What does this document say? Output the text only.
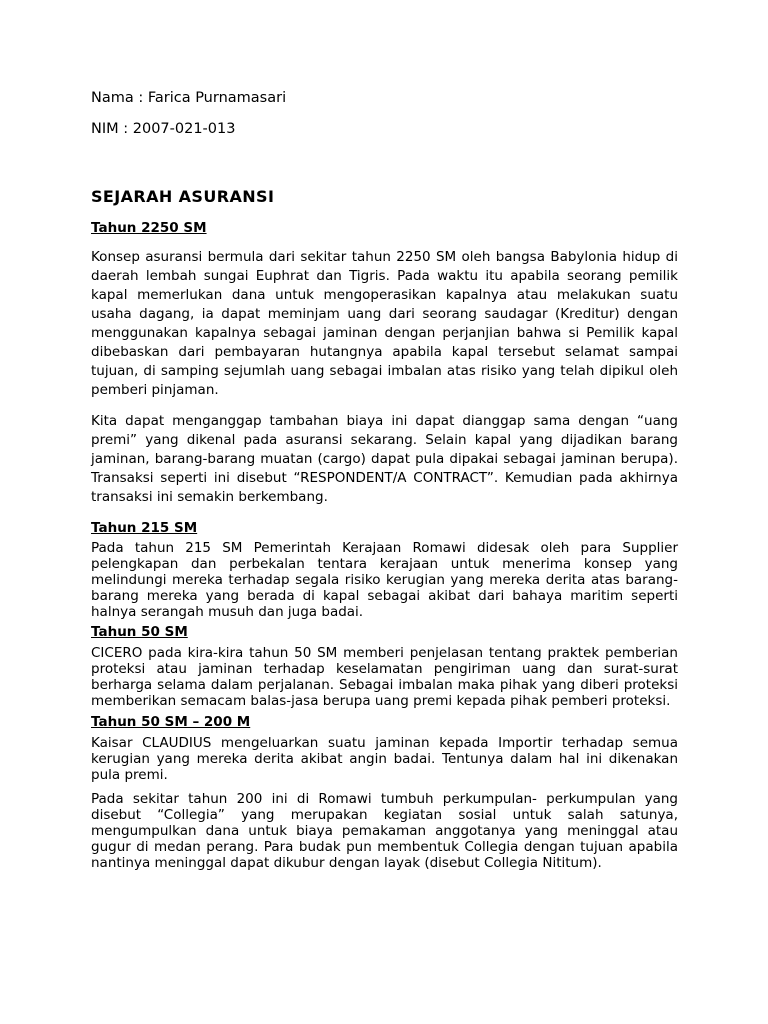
Nama : Farica Purnamasari

NIM : 2007-021-013

SEJARAH ASURANSI
Tahun 2250 SM

Konsep asuransi bermula dari sekitar tahun 2250 SM oleh bangsa Babylonia hidup di daerah lembah sungai Euphrat dan Tigris. Pada waktu itu apabila seorang pemilik kapal memerlukan dana untuk mengoperasikan kapalnya atau melakukan suatu usaha dagang, ia dapat meminjam uang dari seorang saudagar (Kreditur) dengan menggunakan kapalnya sebagai jaminan dengan perjanjian bahwa si Pemilik kapal dibebaskan dari pembayaran hutangnya apabila kapal tersebut selamat sampai tujuan, di samping sejumlah uang sebagai imbalan atas risiko yang telah dipikul oleh pemberi pinjaman.

Kita dapat menganggap tambahan biaya ini dapat dianggap sama dengan “uang premi” yang dikenal pada asuransi sekarang. Selain kapal yang dijadikan barang jaminan, barang-barang muatan (cargo) dapat pula dipakai sebagai jaminan berupa). Transaksi seperti ini disebut “RESPONDENT/A CONTRACT”. Kemudian pada akhirnya transaksi ini semakin berkembang.

Tahun 215 SM

Pada tahun 215 SM Pemerintah Kerajaan Romawi didesak oleh para Supplier pelengkapan dan perbekalan tentara kerajaan untuk menerima konsep yang melindungi mereka terhadap segala risiko kerugian yang mereka derita atas barang-barang mereka yang berada di kapal sebagai akibat dari bahaya maritim seperti halnya serangah musuh dan juga badai.

Tahun 50 SM

CICERO pada kira-kira tahun 50 SM memberi penjelasan tentang praktek pemberian proteksi atau jaminan terhadap keselamatan pengiriman uang dan surat-surat berharga selama dalam perjalanan. Sebagai imbalan maka pihak yang diberi proteksi memberikan semacam balas-jasa berupa uang premi kepada pihak pemberi proteksi.

Tahun 50 SM – 200 M

Kaisar CLAUDIUS mengeluarkan suatu jaminan kepada Importir terhadap semua kerugian yang mereka derita akibat angin badai. Tentunya dalam hal ini dikenakan pula premi.

Pada sekitar tahun 200 ini di Romawi tumbuh perkumpulan- perkumpulan yang disebut “Collegia” yang merupakan kegiatan sosial untuk salah satunya, mengumpulkan dana untuk biaya pemakaman anggotanya yang meninggal atau gugur di medan perang. Para budak pun membentuk Collegia dengan tujuan apabila nantinya meninggal dapat dikubur dengan layak (disebut Collegia Nititum).
